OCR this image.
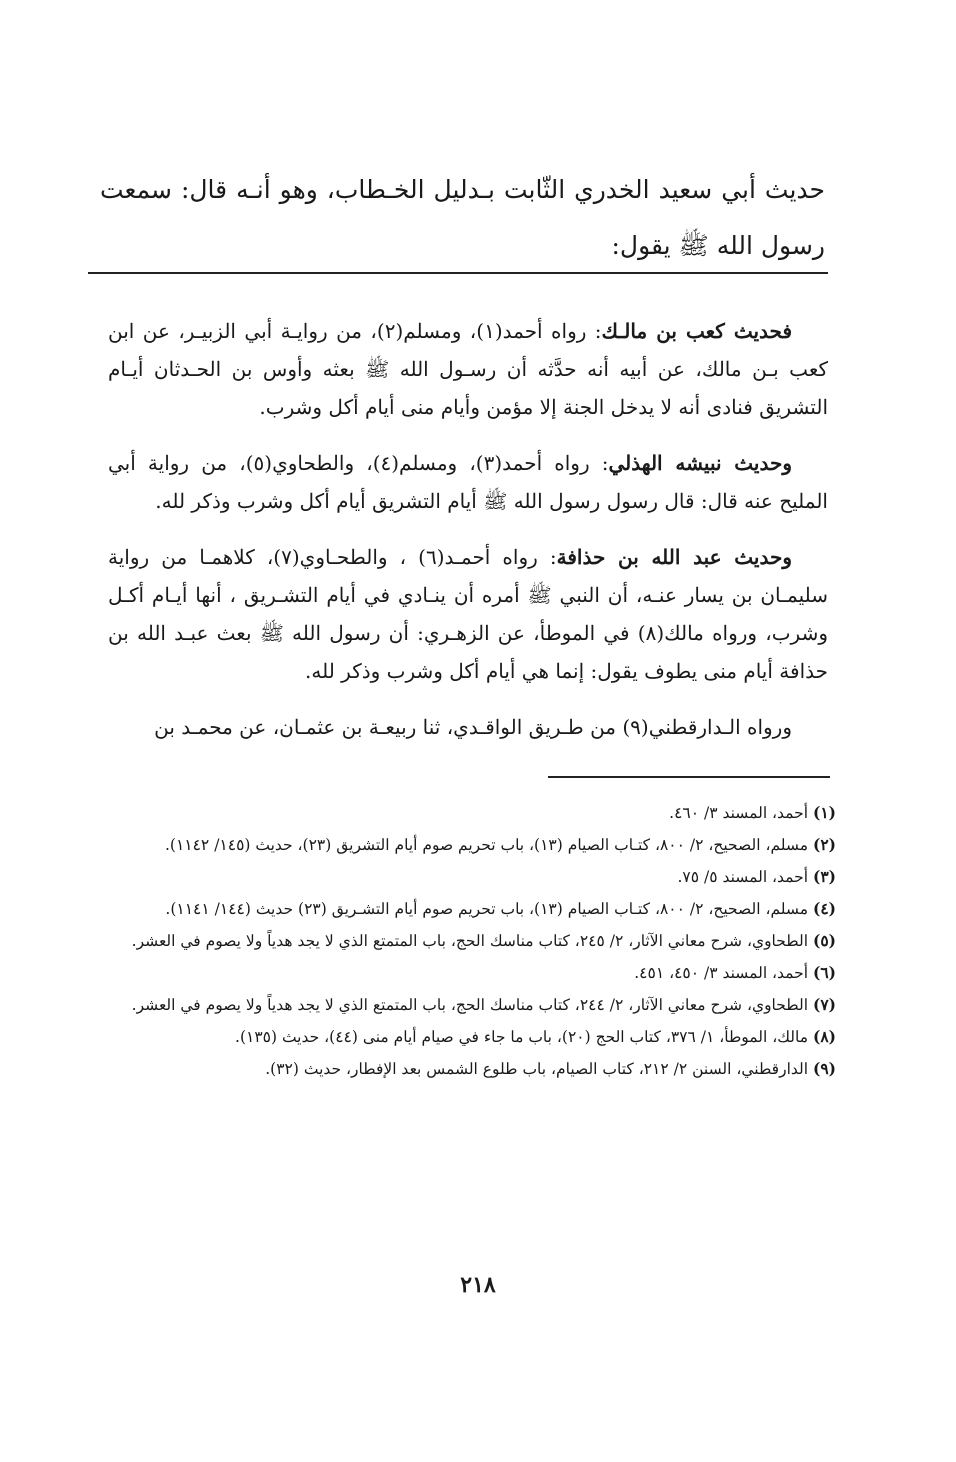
حديث أبي سعيد الخدري الثّابت بـدليل الخـطاب، وهو أنـه قال: سمعت رسول الله ﷺ يقول:

فحديث كعب بن مالـك: رواه أحمد(١)، ومسلم(٢)، من روايـة أبي الزبيـر، عن ابن كعب بـن مالك، عن أبيه أنه حدَّثه أن رسـول الله ﷺ بعثه وأوس بن الحـدثان أيـام التشريق فنادى أنه لا يدخل الجنة إلا مؤمن وأيام منى أيام أكل وشرب.

وحديث نبيشه الهذلي: رواه أحمد(٣)، ومسلم(٤)، والطحاوي(٥)، من رواية أبي المليح عنه قال: قال رسول رسول الله ﷺ أيام التشريق أيام أكل وشرب وذكر لله.

وحديث عبد الله بن حذافة: رواه أحمـد(٦) ، والطحـاوي(٧)، كلاهمـا من رواية سليمـان بن يسار عنـه، أن النبي ﷺ أمره أن ينـادي في أيام التشـريق ، أنها أيـام أكـل وشرب، ورواه مالك(٨) في الموطأ، عن الزهـري: أن رسول الله ﷺ بعث عبـد الله بن حذافة أيام منى يطوف يقول: إنما هي أيام أكل وشرب وذكر لله.

ورواه الـدارقطني(٩) من طـريق الواقـدي، ثنا ربيعـة بن عثمـان، عن محمـد بن

(١) أحمد، المسند ٣/ ٤٦٠.
(٢) مسلم، الصحيح، ٢/ ٨٠٠، كتـاب الصيام (١٣)، باب تحريم صوم أيام التشريق (٢٣)، حديث (١٤٥/ ١١٤٢).
(٣) أحمد، المسند ٥/ ٧٥.
(٤) مسلم، الصحيح، ٢/ ٨٠٠، كتـاب الصيام (١٣)، باب تحريم صوم أيام التشـريق (٢٣) حديث (١٤٤/ ١١٤١).
(٥) الطحاوي، شرح معاني الآثار، ٢/ ٢٤٥، كتاب مناسك الحج، باب المتمتع الذي لا يجد هدياً ولا يصوم في العشر.
(٦) أحمد، المسند ٣/ ٤٥٠، ٤٥١.
(٧) الطحاوي، شرح معاني الآثار، ٢/ ٢٤٤، كتاب مناسك الحج، باب المتمتع الذي لا يجد هدياً ولا يصوم في العشر.
(٨) مالك، الموطأ، ١/ ٣٧٦، كتاب الحج (٢٠)، باب ما جاء في صيام أيام منى (٤٤)، حديث (١٣٥).
(٩) الدارقطني، السنن ٢/ ٢١٢، كتاب الصيام، باب طلوع الشمس بعد الإفطار، حديث (٣٢).
٢١٨
